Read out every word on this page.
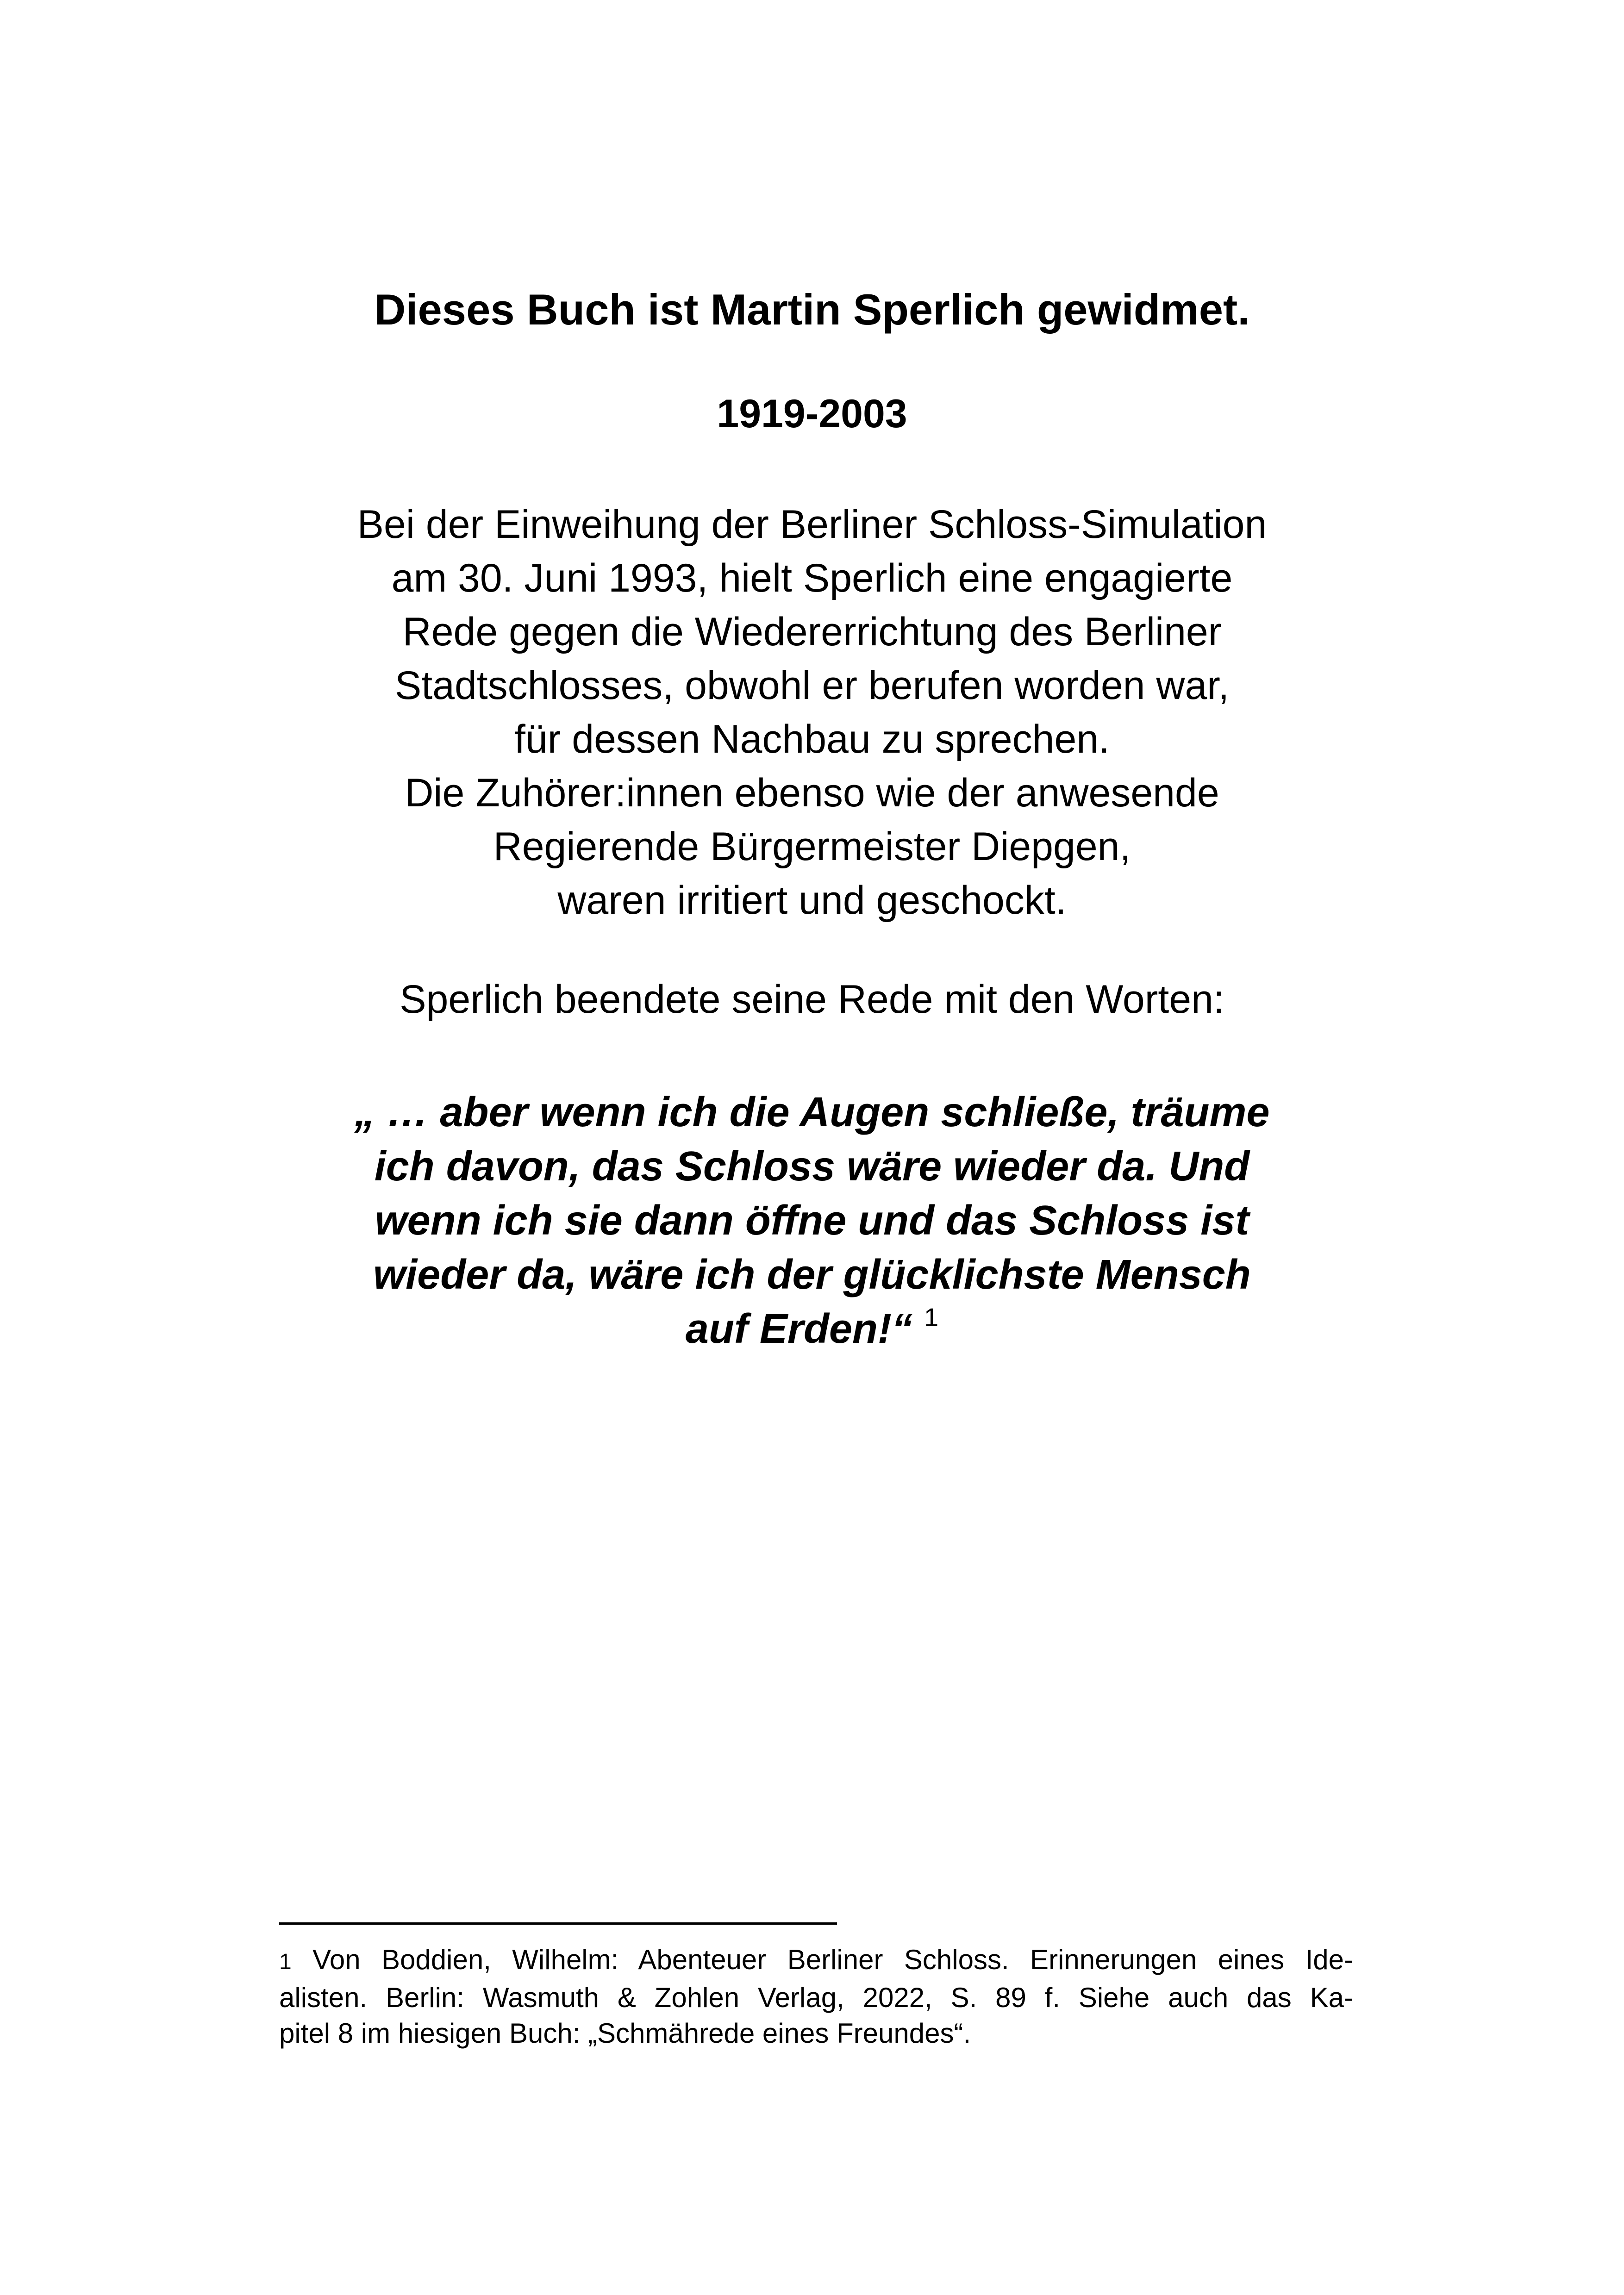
Dieses Buch ist Martin Sperlich gewidmet.
1919-2003
Bei der Einweihung der Berliner Schloss-Simulation
am 30. Juni 1993, hielt Sperlich eine engagierte
Rede gegen die Wiedererrichtung des Berliner
Stadtschlosses, obwohl er berufen worden war,
für dessen Nachbau zu sprechen.
Die Zuhörer:innen ebenso wie der anwesende
Regierende Bürgermeister Diepgen,
waren irritiert und geschockt.
Sperlich beendete seine Rede mit den Worten:
„ … aber wenn ich die Augen schließe, träume
ich davon, das Schloss wäre wieder da. Und
wenn ich sie dann öffne und das Schloss ist
wieder da, wäre ich der glücklichste Mensch
auf Erden!“ $^1$
1 Von Boddien, Wilhelm: Abenteuer Berliner Schloss. Erinnerungen eines Ide-
alisten. Berlin: Wasmuth & Zohlen Verlag, 2022, S. 89 f. Siehe auch das Ka-
pitel 8 im hiesigen Buch: „Schmährede eines Freundes“.
